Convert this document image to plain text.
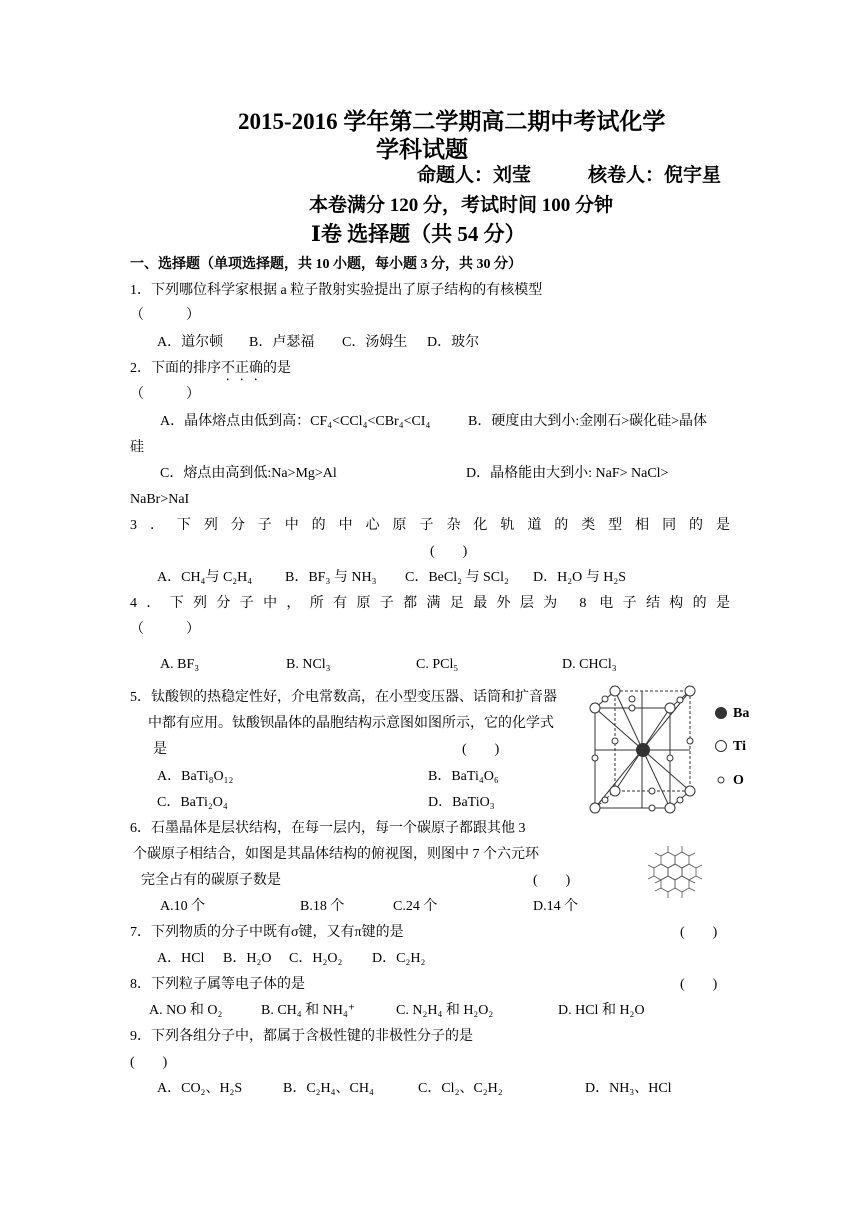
2015-2016 学年第二学期高二期中考试化学
学科试题
命题人：刘莹　　　核卷人：倪宇星
本卷满分 120 分，考试时间 100 分钟
Ⅰ卷 选择题（共 54 分）
一、选择题（单项选择题，共 10 小题，每小题 3 分，共 30 分）
1．下列哪位科学家根据 a 粒子散射实验提出了原子结构的有核模型
（　　　）
A．道尔顿 B．卢瑟福 C．汤姆生 D．玻尔
2．下面的排序不正确的是
（　　　）
A．晶体熔点由低到高：CF₄<CCl₄<CBr₄<CI₄	B．硬度由大到小:金刚石>碳化硅>晶体
硅
C．熔点由高到低:Na>Mg>Al	D．晶格能由大到小: NaF> NaCl>
NaBr>NaI
3．下列分子中的中心原子杂化轨道的类型相同的是
(　　)
A．CH₄与 C₂H₄ B．BF₃ 与 NH₃ C．BeCl₂ 与 SCl₂ D．H₂O 与 H₂S
4．下列分子中，所有原子都满足最外层为 8 电子结构的是
（　　　）
A. BF₃	B. NCl₃	C. PCl₅	D. CHCl₃
5．钛酸钡的热稳定性好，介电常数高，在小型变压器、话筒和扩音器
中都有应用。钛酸钡晶体的晶胞结构示意图如图所示，它的化学式
是	(　　)
A．BaTi₈O₁₂	B．BaTi₄O₆
C．BaTi₂O₄	D．BaTiO₃
Ba
Ti
O
6．石墨晶体是层状结构，在每一层内，每一个碳原子都跟其他 3
个碳原子相结合，如图是其晶体结构的俯视图，则图中 7 个六元环
完全占有的碳原子数是	(　　)
A.10 个	B.18 个	C.24 个	D.14 个
7．下列物质的分子中既有σ键，又有π键的是	(　　)
A．HCl B．H₂O C．H₂O₂ D．C₂H₂
8．下列粒子属等电子体的是	(　　)
A. NO 和 O₂	B. CH₄ 和 NH₄⁺	C. N₂H₄ 和 H₂O₂	D. HCl 和 H₂O
9．下列各组分子中，都属于含极性键的非极性分子的是
(　　)
A．CO₂、H₂S	B．C₂H₄、CH₄	C．Cl₂、C₂H₂	D．NH₃、HCl
